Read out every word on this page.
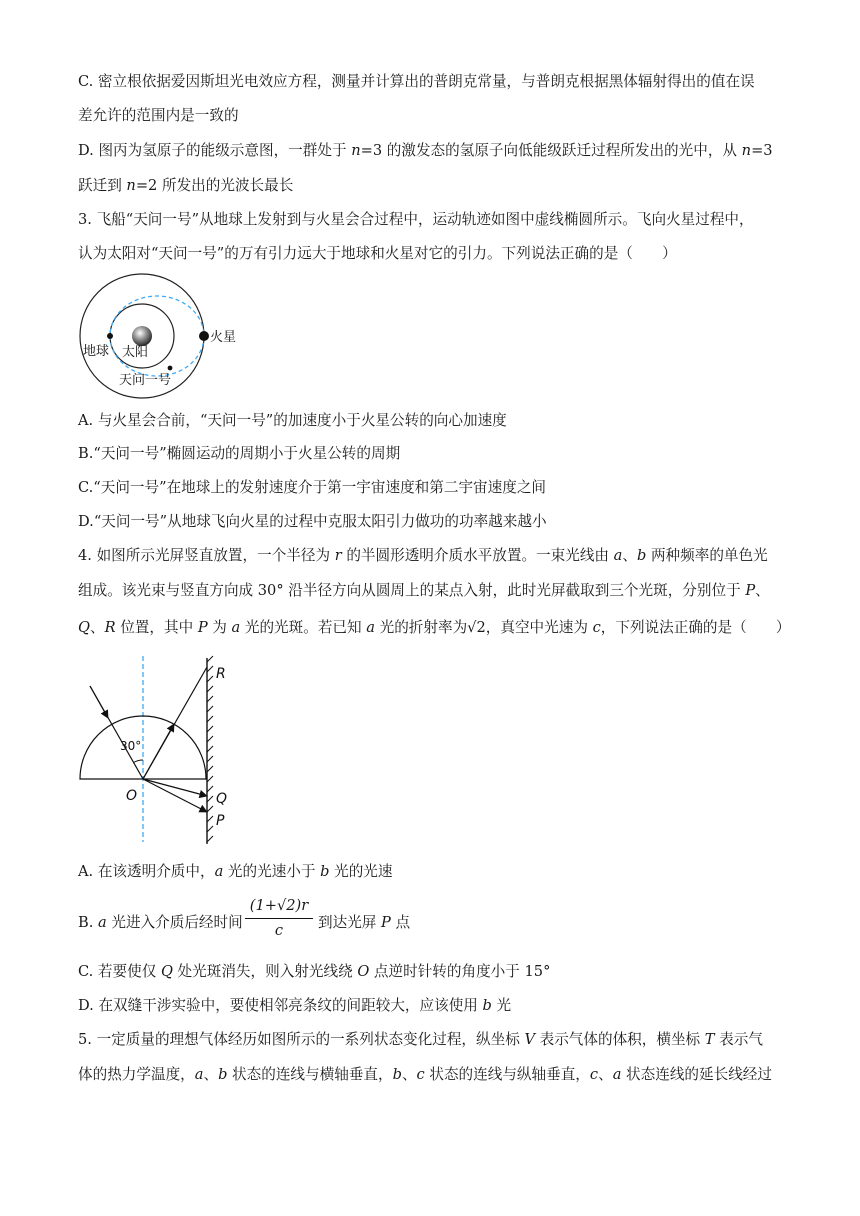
C. 密立根依据爱因斯坦光电效应方程，测量并计算出的普朗克常量，与普朗克根据黑体辐射得出的值在误
差允许的范围内是一致的
D. 图丙为氢原子的能级示意图，一群处于 n=3 的激发态的氢原子向低能级跃迁过程所发出的光中，从 n=3
跃迁到 n=2 所发出的光波长最长
3. 飞船“天问一号”从地球上发射到与火星会合过程中，运动轨迹如图中虚线椭圆所示。飞向火星过程中，
认为太阳对“天问一号”的万有引力远大于地球和火星对它的引力。下列说法正确的是（　　）
地球 太阳
火星
天问一号
A. 与火星会合前，“天问一号”的加速度小于火星公转的向心加速度
B.“天问一号”椭圆运动的周期小于火星公转的周期
C.“天问一号”在地球上的发射速度介于第一宇宙速度和第二宇宙速度之间
D.“天问一号”从地球飞向火星的过程中克服太阳引力做功的功率越来越小
4. 如图所示光屏竖直放置，一个半径为 r 的半圆形透明介质水平放置。一束光线由 a、b 两种频率的单色光
组成。该光束与竖直方向成 30° 沿半径方向从圆周上的某点入射，此时光屏截取到三个光斑，分别位于 P、
Q、R 位置，其中 P 为 a 光的光斑。若已知 a 光的折射率为√2，真空中光速为 c，下列说法正确的是（　　）
30°
R
Q
P
O
A. 在该透明介质中，a 光的光速小于 b 光的光速
B. a 光进入介质后经时间
(1+√2)r
c	到达光屏 P 点
C. 若要使仅 Q 处光斑消失，则入射光线绕 O 点逆时针转的角度小于 15°
D. 在双缝干涉实验中，要使相邻亮条纹的间距较大，应该使用 b 光
5. 一定质量的理想气体经历如图所示的一系列状态变化过程，纵坐标 V 表示气体的体积，横坐标 T 表示气
体的热力学温度，a、b 状态的连线与横轴垂直，b、c 状态的连线与纵轴垂直，c、a 状态连线的延长线经过
